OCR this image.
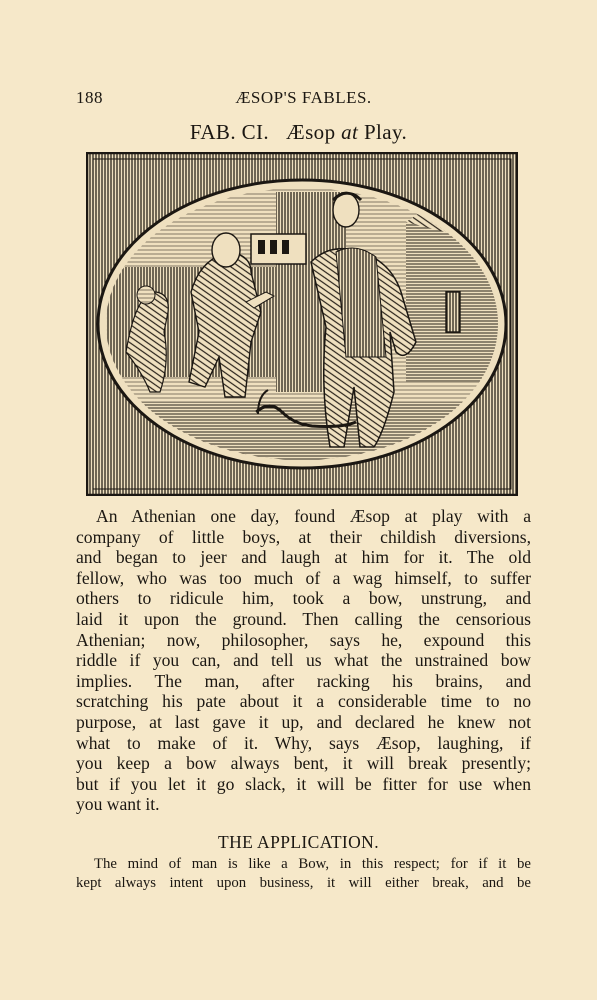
188	ÆSOP'S FABLES.
FAB. CI. Æsop at Play.
An Athenian one day, found Æsop at play with a
company of little boys, at their childish diversions,
and began to jeer and laugh at him for it. The old
fellow, who was too much of a wag himself, to suffer
others to ridicule him, took a bow, unstrung, and
laid it upon the ground. Then calling the censorious
Athenian; now, philosopher, says he, expound this
riddle if you can, and tell us what the unstrained bow
implies. The man, after racking his brains, and
scratching his pate about it a considerable time to no
purpose, at last gave it up, and declared he knew not
what to make of it. Why, says Æsop, laughing, if
you keep a bow always bent, it will break presently;
but if you let it go slack, it will be fitter for use when
you want it.
THE APPLICATION.
The mind of man is like a Bow, in this respect; for if it be
kept always intent upon business, it will either break, and be
